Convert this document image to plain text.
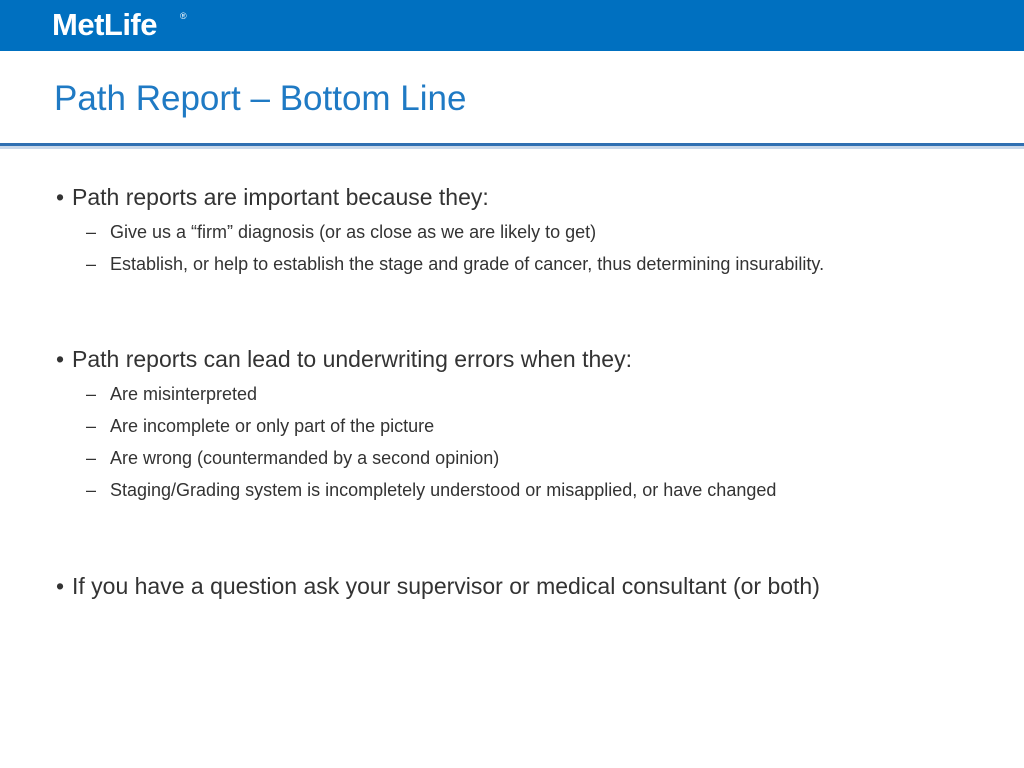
MetLife	®
Path Report – Bottom Line
• Path reports are important because they:
– Give us a “firm” diagnosis (or as close as we are likely to get)
– Establish, or help to establish the stage and grade of cancer, thus determining insurability.
• Path reports can lead to underwriting errors when they:
– Are misinterpreted
– Are incomplete or only part of the picture
– Are wrong (countermanded by a second opinion)
– Staging/Grading system is incompletely understood or misapplied, or have changed
• If you have a question ask your supervisor or medical consultant (or both)
